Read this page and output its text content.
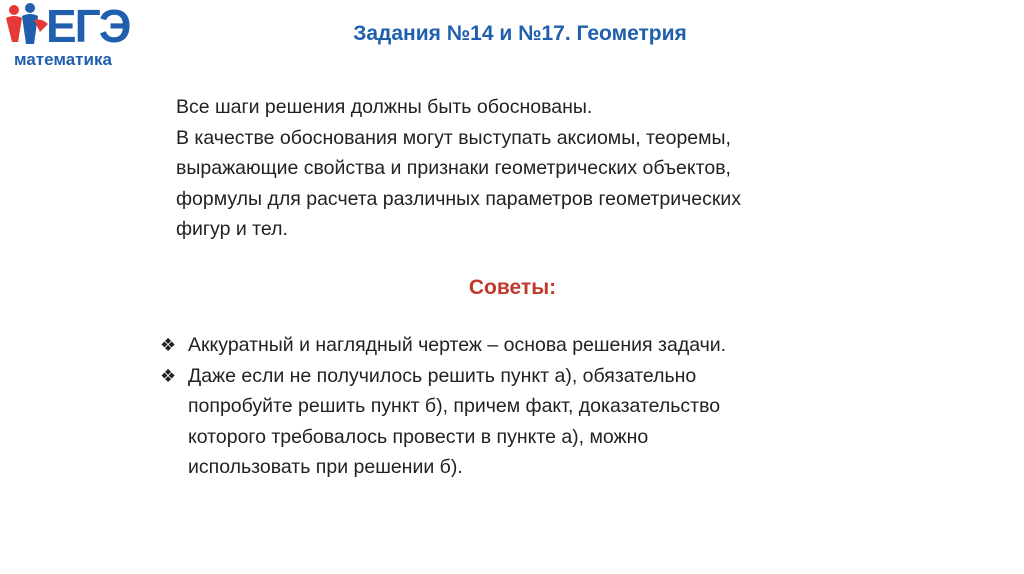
ЕГЭ
математика
Задания №14 и №17. Геометрия
Все шаги решения должны быть обоснованы.
В качестве обоснования могут выступать аксиомы, теоремы,
выражающие свойства и признаки геометрических объектов,
формулы для расчета различных параметров геометрических
фигур и тел.
Советы:
❖ Аккуратный и наглядный чертеж – основа решения задачи.
❖ Даже если не получилось решить пункт а), обязательно
попробуйте решить пункт б), причем факт, доказательство
которого требовалось провести в пункте а), можно
использовать при решении б).
